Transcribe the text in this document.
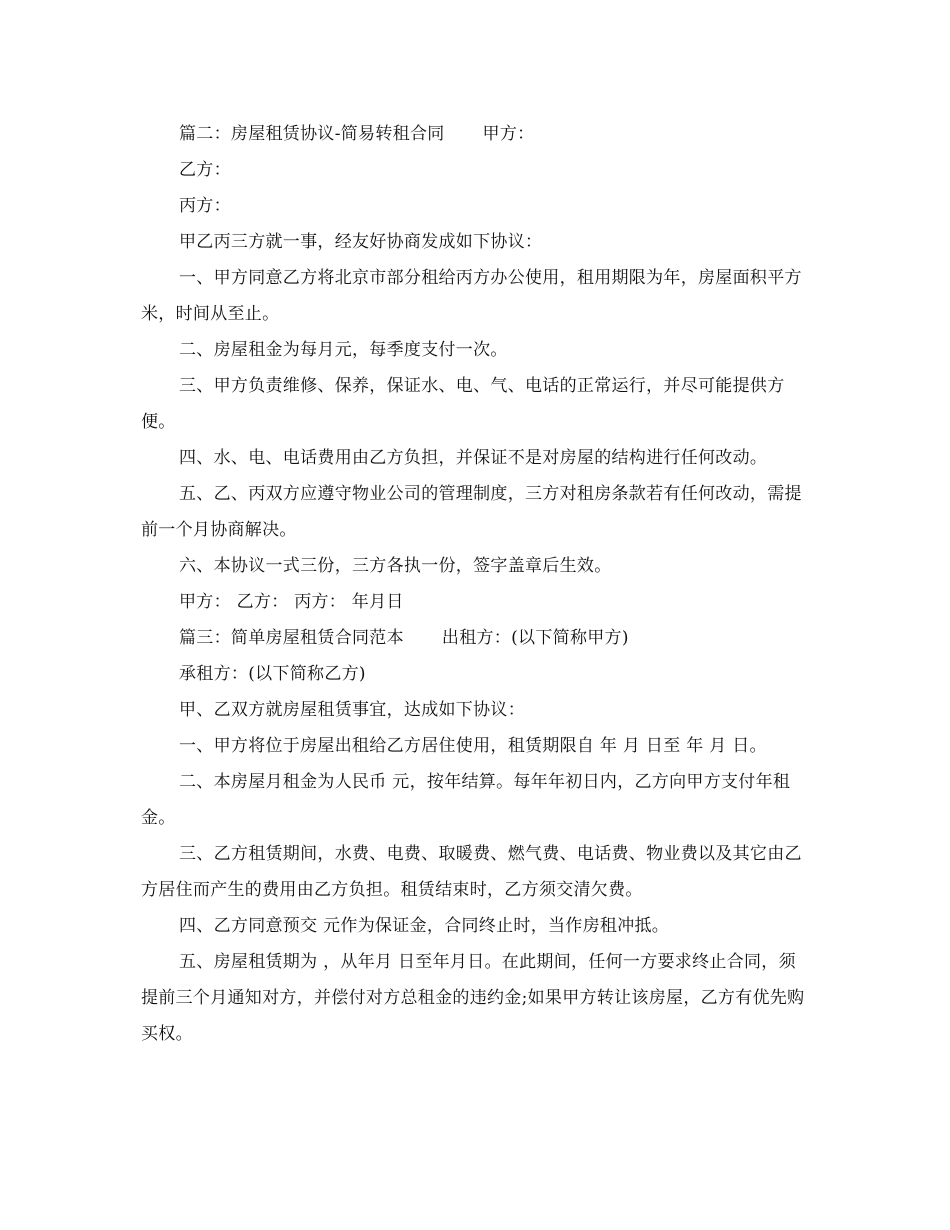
篇二：房屋租赁协议-简易转租合同 甲方：

乙方：

丙方：

甲乙丙三方就一事，经友好协商发成如下协议：

一、甲方同意乙方将北京市部分租给丙方办公使用，租用期限为年，房屋面积平方米，时间从至止。

二、房屋租金为每月元，每季度支付一次。

三、甲方负责维修、保养，保证水、电、气、电话的正常运行，并尽可能提供方便。

四、水、电、电话费用由乙方负担，并保证不是对房屋的结构进行任何改动。

五、乙、丙双方应遵守物业公司的管理制度，三方对租房条款若有任何改动，需提前一个月协商解决。

六、本协议一式三份，三方各执一份，签字盖章后生效。

甲方： 乙方： 丙方： 年月日

篇三：简单房屋租赁合同范本 出租方：(以下简称甲方)

承租方：(以下简称乙方)

甲、乙双方就房屋租赁事宜，达成如下协议：

一、甲方将位于房屋出租给乙方居住使用，租赁期限自 年 月 日至 年 月 日。

二、本房屋月租金为人民币 元，按年结算。每年年初日内，乙方向甲方支付年租金。

三、乙方租赁期间，水费、电费、取暖费、燃气费、电话费、物业费以及其它由乙方居住而产生的费用由乙方负担。租赁结束时，乙方须交清欠费。

四、乙方同意预交 元作为保证金，合同终止时，当作房租冲抵。

五、房屋租赁期为 ，从年月 日至年月日。在此期间，任何一方要求终止合同，须提前三个月通知对方，并偿付对方总租金的违约金;如果甲方转让该房屋，乙方有优先购买权。
